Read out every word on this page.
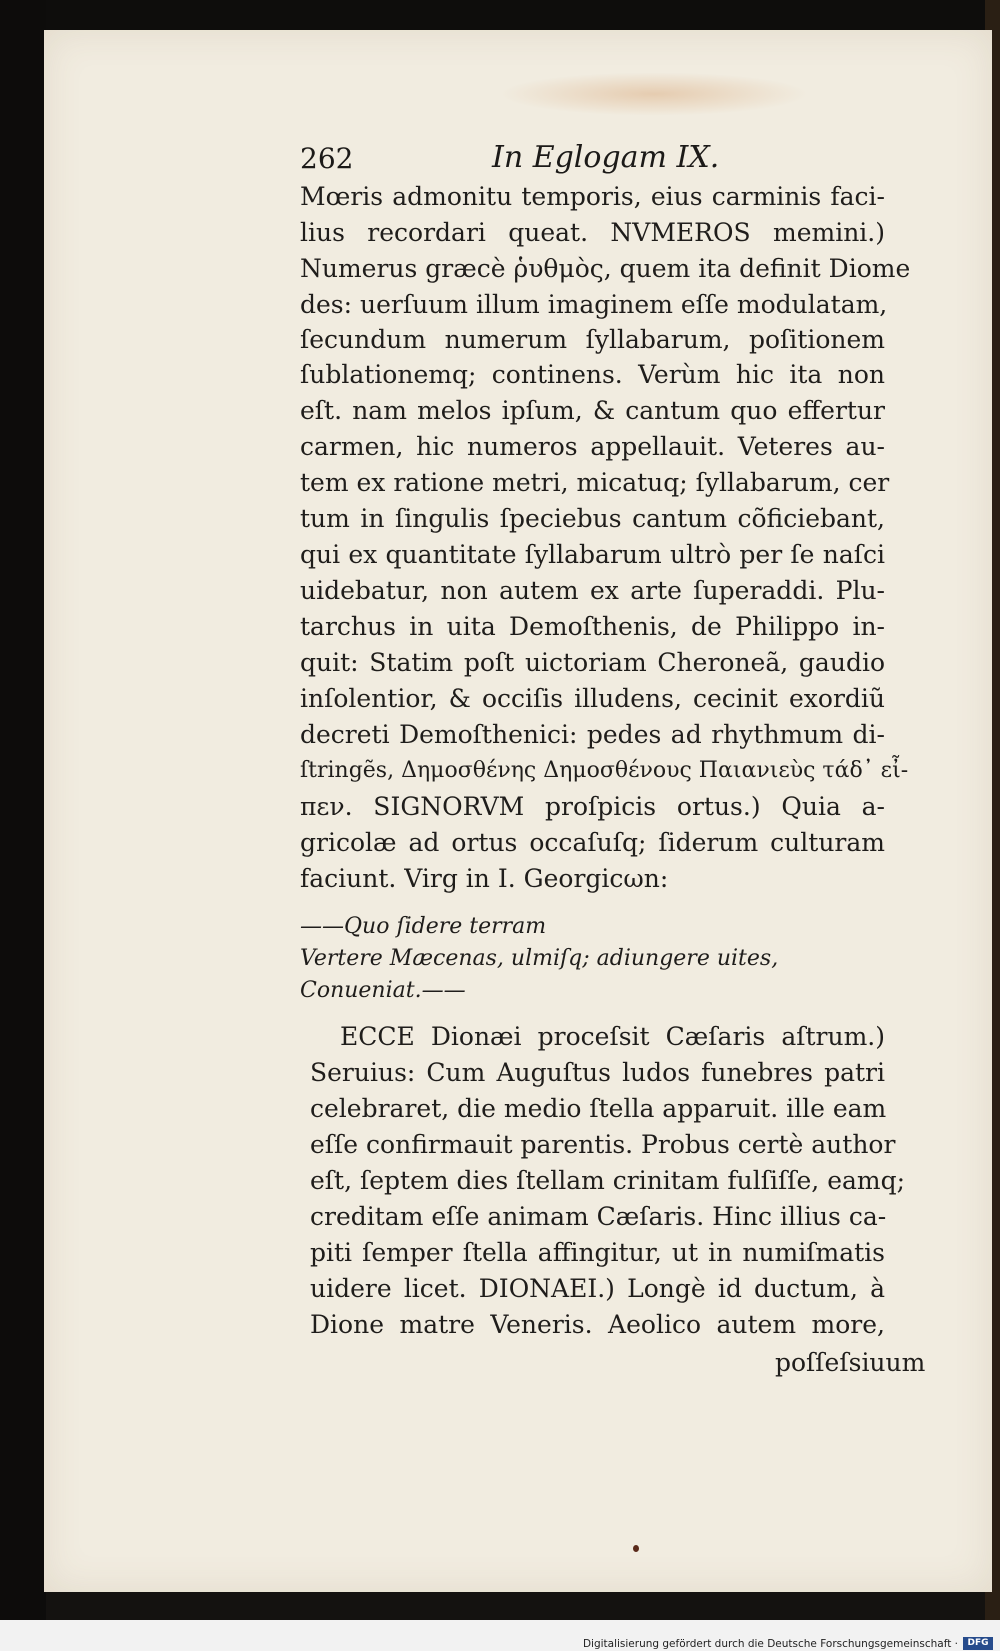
262	In Eglogam IX.
Mœris admonitu temporis, eius carminis faci-
lius recordari queat. NVMEROS memini.)
Numerus græcè ῥυθμὸς, quem ita definit Diome
des: uerſuum illum imaginem eſſe modulatam,
ſecundum numerum ſyllabarum, poſitionem
ſublationemq; continens. Verùm hic ita non
eſt. nam melos ipſum, & cantum quo effertur
carmen, hic numeros appellauit. Veteres au-
tem ex ratione metri, micatuq; ſyllabarum, cer
tum in ſingulis ſpeciebus cantum cõficiebant,
qui ex quantitate ſyllabarum ultrò per ſe naſci
uidebatur, non autem ex arte ſuperaddi. Plu-
tarchus in uita Demoſthenis, de Philippo in-
quit: Statim poſt uictoriam Cheroneã, gaudio
inſolentior, & occiſis illudens, cecinit exordiũ
decreti Demoſthenici: pedes ad rhythmum di-
ſtringẽs, Δημοσθένης Δημοσθένους Παιανιεὺς τάδ᾽ εἶ-
πεν. SIGNORVM proſpicis ortus.) Quia a-
gricolæ ad ortus occaſuſq; ſiderum culturam
faciunt. Virg in I. Georgicωn:
——Quo ſidere terram
Vertere Mæcenas, ulmiſq; adiungere uites,
Conueniat.——
ECCE Dionæi proceſsit Cæſaris aſtrum.)
Seruius: Cum Auguſtus ludos funebres patri
celebraret, die medio ſtella apparuit. ille eam
eſſe confirmauit parentis. Probus certè author
eſt, ſeptem dies ſtellam crinitam fulſiſſe, eamq;
creditam eſſe animam Cæſaris. Hinc illius ca-
piti ſemper ſtella affingitur, ut in numiſmatis
uidere licet. DIONAEI.) Longè id ductum, à
Dione matre Veneris. Aeolico autem more,
poſſeſsiuum
Digitalisierung gefördert durch die Deutsche Forschungsgemeinschaft ·	DFG
